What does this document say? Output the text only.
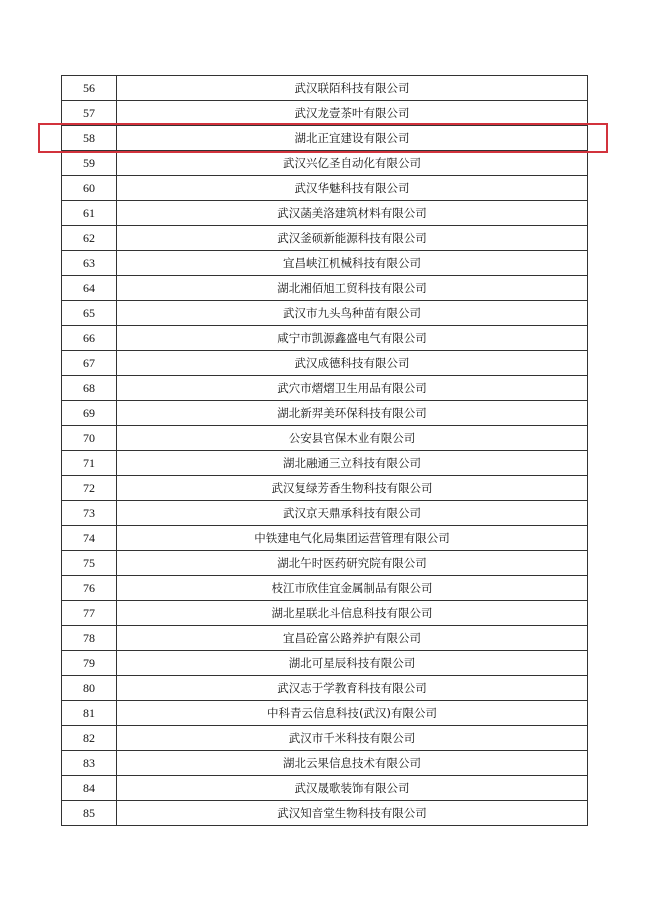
56	武汉联陌科技有限公司
57	武汉龙壹茶叶有限公司
58	湖北正宜建设有限公司
59	武汉兴亿圣自动化有限公司
60	武汉华魅科技有限公司
61	武汉菡美洛建筑材料有限公司
62	武汉釜硕新能源科技有限公司
63	宜昌峡江机械科技有限公司
64	湖北湘佰旭工贸科技有限公司
65	武汉市九头鸟种苗有限公司
66	咸宁市凯源鑫盛电气有限公司
67	武汉成德科技有限公司
68	武穴市熠熠卫生用品有限公司
69	湖北新羿美环保科技有限公司
70	公安县官保木业有限公司
71	湖北融通三立科技有限公司
72	武汉复绿芳香生物科技有限公司
73	武汉京天鼎承科技有限公司
74	中铁建电气化局集团运营管理有限公司
75	湖北午时医药研究院有限公司
76	枝江市欣佳宜金属制品有限公司
77	湖北星联北斗信息科技有限公司
78	宜昌砼富公路养护有限公司
79	湖北可星辰科技有限公司
80	武汉志于学教育科技有限公司
81	中科青云信息科技(武汉)有限公司
82	武汉市千米科技有限公司
83	湖北云果信息技术有限公司
84	武汉晟歌装饰有限公司
85	武汉知音堂生物科技有限公司
